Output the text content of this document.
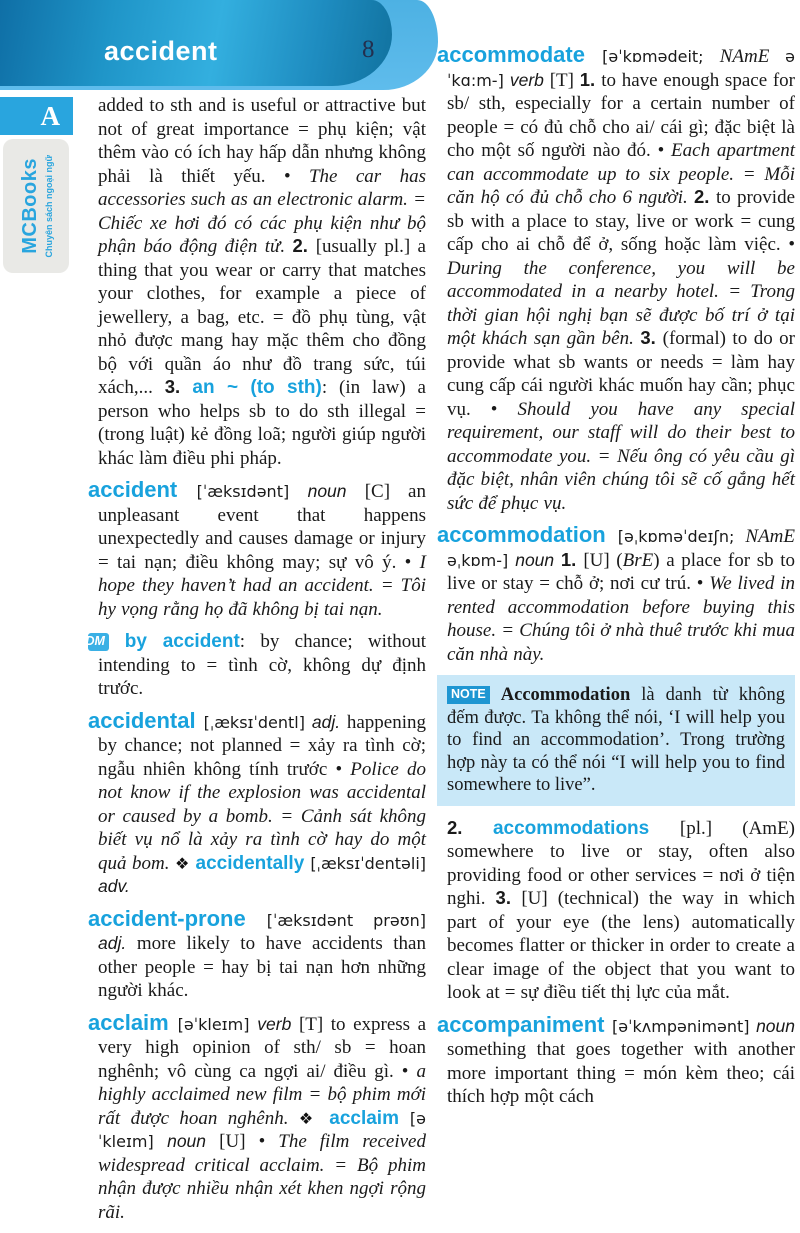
accident	8
A
MCBooks Chuyên sách ngoại ngữ

added to sth and is useful or attractive but not of great importance = phụ kiện; vật thêm vào có ích hay hấp dẫn nhưng không phải là thiết yếu. • The car has accessories such as an electronic alarm. = Chiếc xe hơi đó có các phụ kiện như bộ phận báo động điện tử. 2. [usually pl.] a thing that you wear or carry that matches your clothes, for example a piece of jewellery, a bag, etc. = đồ phụ tùng, vật nhỏ được mang hay mặc thêm cho đồng bộ với quần áo như đồ trang sức, túi xách,... 3. an ~ (to sth): (in law) a person who helps sb to do sth illegal = (trong luật) kẻ đồng loã; người giúp người khác làm điều phi pháp.

accident [ˈæksɪdənt] noun [C] an unpleasant event that happens unexpectedly and causes damage or injury = tai nạn; điều không may; sự vô ý. • I hope they haven’t had an accident. = Tôi hy vọng rằng họ đã không bị tai nạn.

IDM by accident: by chance; without intending to = tình cờ, không dự định trước.

accidental [ˌæksɪˈdentl] adj. happening by chance; not planned = xảy ra tình cờ; ngẫu nhiên không tính trước • Police do not know if the explosion was accidental or caused by a bomb. = Cảnh sát không biết vụ nổ là xảy ra tình cờ hay do một quả bom. ❖ accidentally [ˌæksɪˈdentəli] adv.

accident-prone [ˈæksɪdənt prəʊn] adj. more likely to have accidents than other people = hay bị tai nạn hơn những người khác.

acclaim [əˈkleɪm] verb [T] to express a very high opinion of sth/ sb = hoan nghênh; vô cùng ca ngợi ai/ điều gì. • a highly acclaimed new film = bộ phim mới rất được hoan nghênh. ❖ acclaim [əˈkleɪm] noun [U] • The film received widespread critical acclaim. = Bộ phim nhận được nhiều nhận xét khen ngợi rộng rãi.

accommodate [əˈkɒmədeit; NAmE əˈkɑ:m-] verb [T] 1. to have enough space for sb/ sth, especially for a certain number of people = có đủ chỗ cho ai/ cái gì; đặc biệt là cho một số người nào đó. • Each apartment can accommodate up to six people. = Mỗi căn hộ có đủ chỗ cho 6 người. 2. to provide sb with a place to stay, live or work = cung cấp cho ai chỗ để ở, sống hoặc làm việc. • During the conference, you will be accommodated in a nearby hotel. = Trong thời gian hội nghị bạn sẽ được bố trí ở tại một khách sạn gần bên. 3. (formal) to do or provide what sb wants or needs = làm hay cung cấp cái người khác muốn hay cần; phục vụ. • Should you have any special requirement, our staff will do their best to accommodate you. = Nếu ông có yêu cầu gì đặc biệt, nhân viên chúng tôi sẽ cố gắng hết sức để phục vụ.

accommodation [əˌkɒməˈdeɪʃn; NAmE əˌkɒm-] noun 1. [U] (BrE) a place for sb to live or stay = chỗ ở; nơi cư trú. • We lived in rented accommodation before buying this house. = Chúng tôi ở nhà thuê trước khi mua căn nhà này.

NOTE Accommodation là danh từ không đếm được. Ta không thể nói, ‘I will help you to find an accommodation’. Trong trường hợp này ta có thể nói “I will help you to find somewhere to live”.

2. accommodations [pl.] (AmE) somewhere to live or stay, often also providing food or other services = nơi ở tiện nghi. 3. [U] (technical) the way in which part of your eye (the lens) automatically becomes flatter or thicker in order to create a clear image of the object that you want to look at = sự điều tiết thị lực của mắt.

accompaniment [əˈkʌmpənimənt] noun something that goes together with another more important thing = món kèm theo; cái thích hợp một cách
